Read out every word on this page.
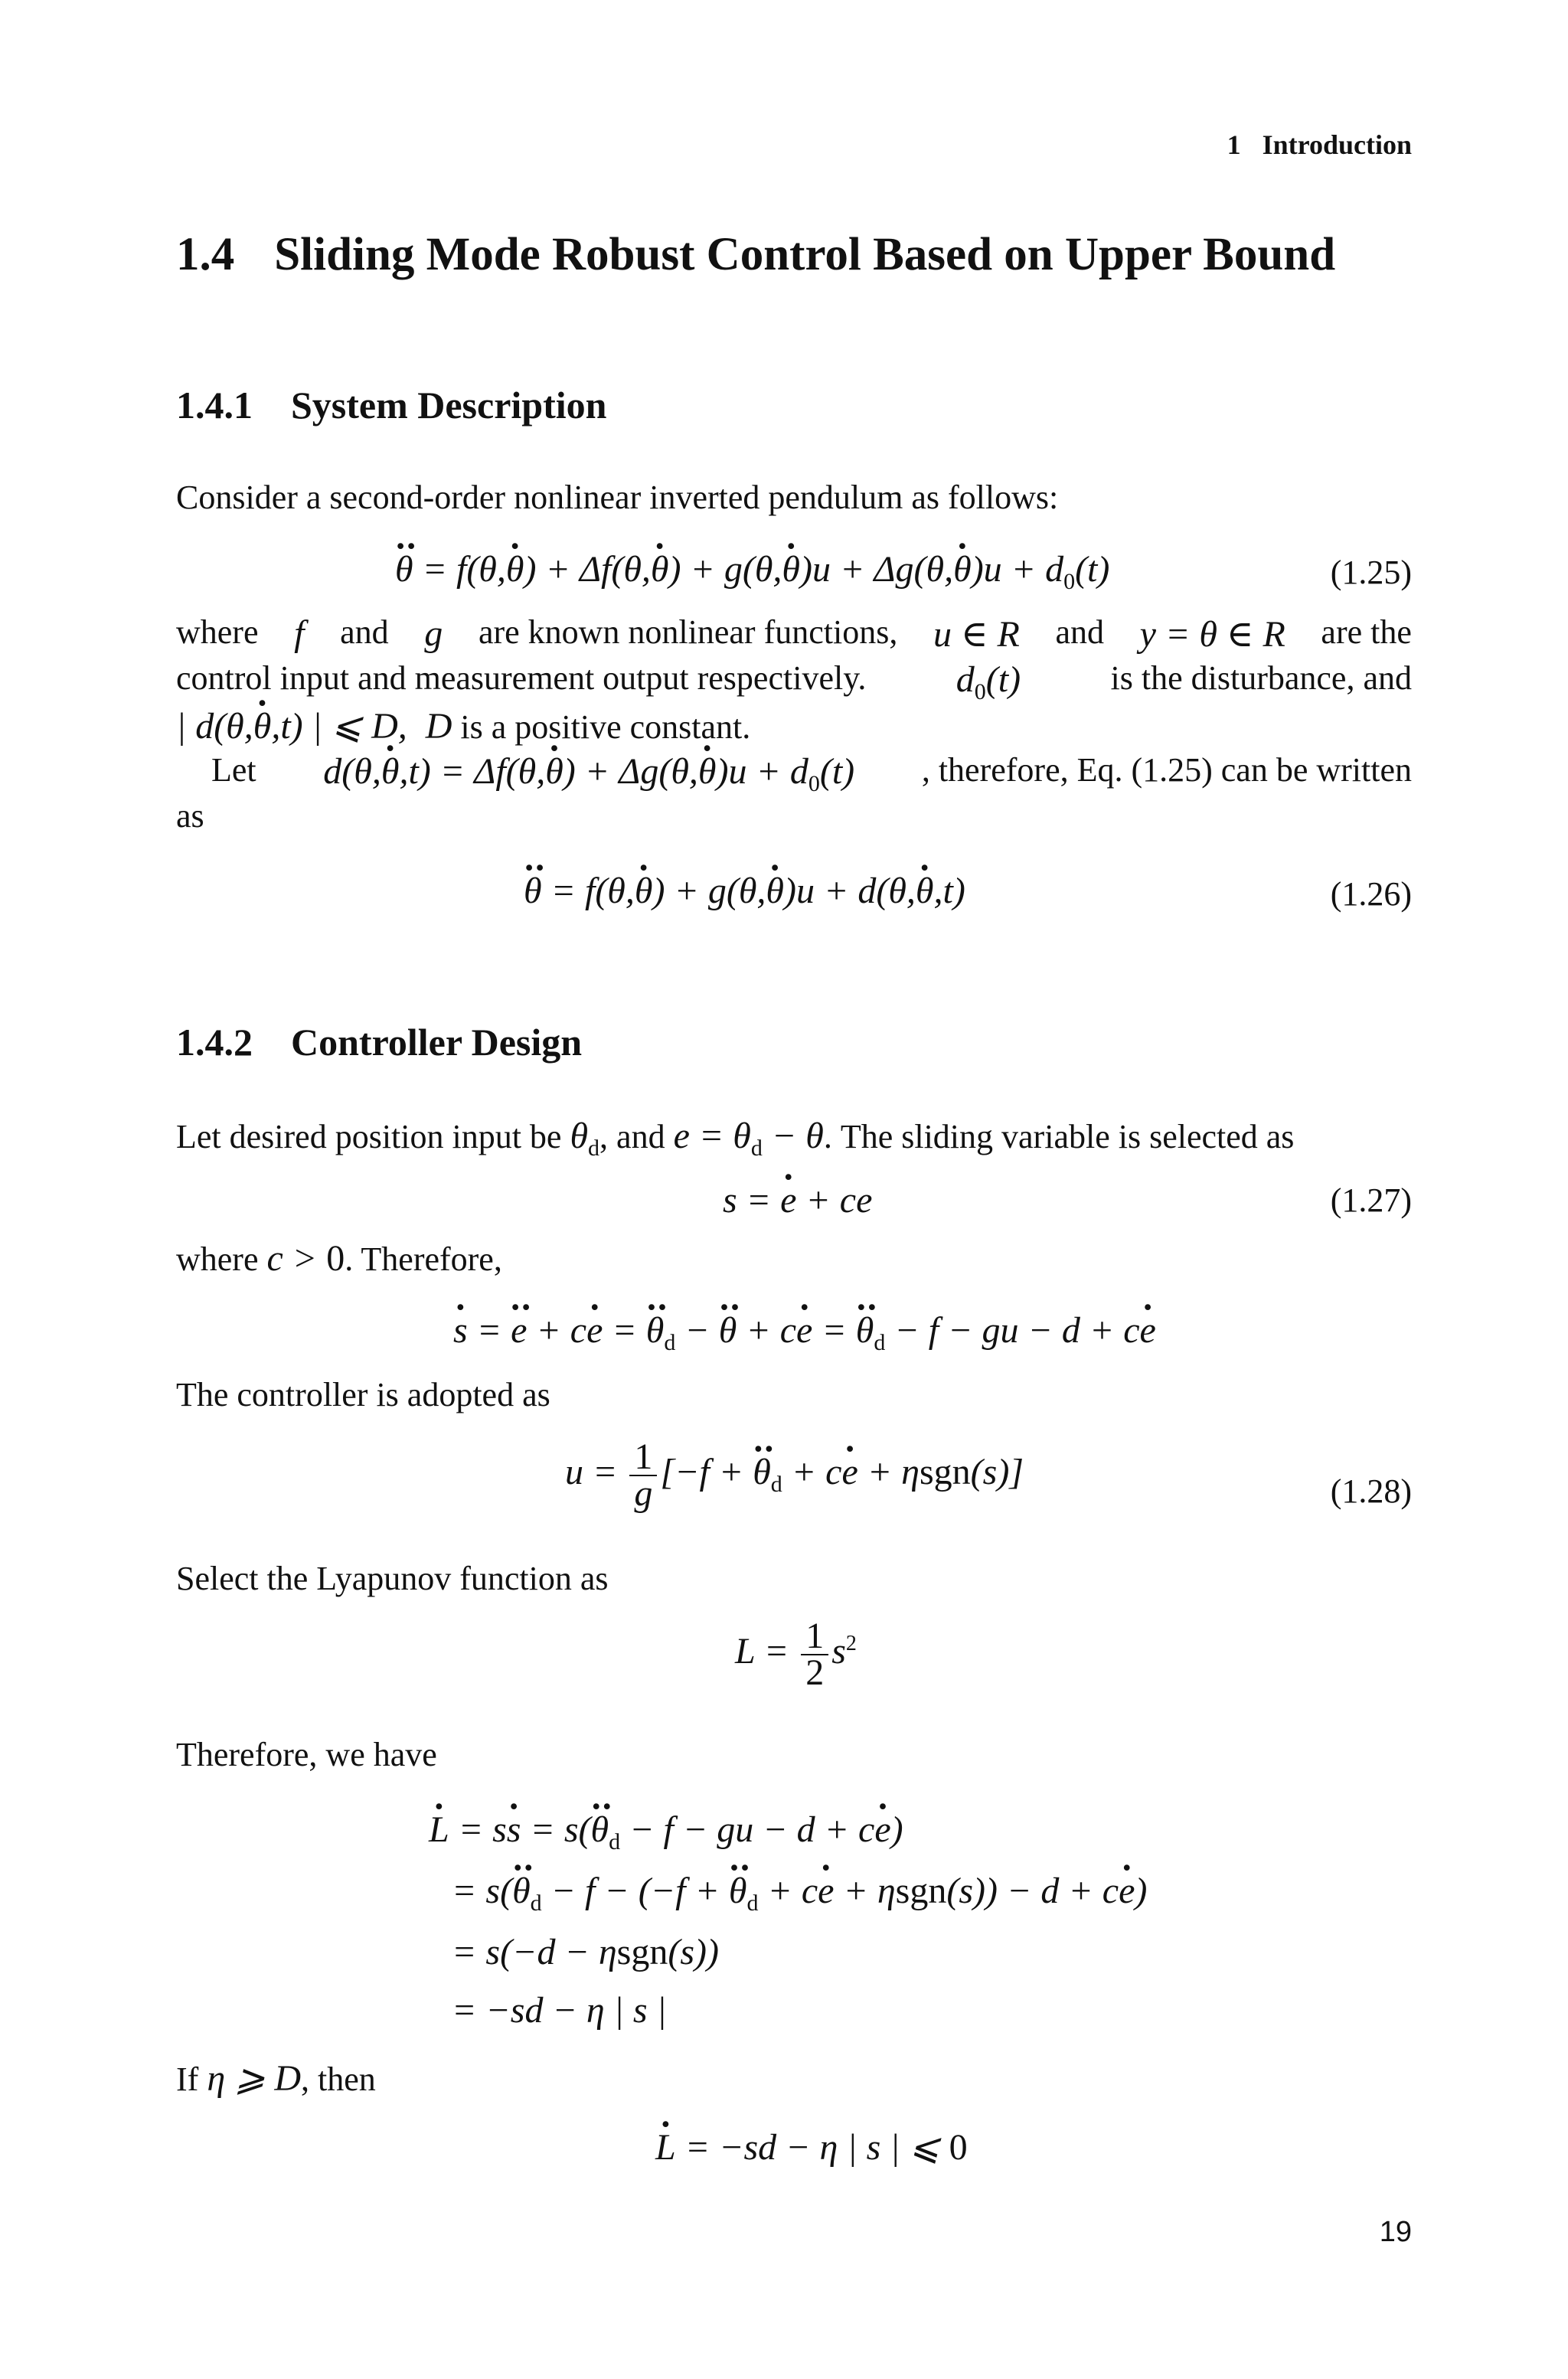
1 Introduction
1.4 Sliding Mode Robust Control Based on Upper Bound
1.4.1 System Description
Consider a second-order nonlinear inverted pendulum as follows:
θ ·· = f(θ,θ ·) + Δf(θ,θ ·) + $g(\theta,\theta \cdot)u + \Delta g(\theta,\theta \cdot)u + d_0(t)$	(1.25)
where f and g are known nonlinear functions, u ∈ R and y = θ ∈ R are the
control input and measurement output respectively. $d_0(t)$	is the disturbance, and
| d(θ,θ ·,t) | ⩽ D,  D is a positive constant.
Let d(θ,θ ·,t) = Δf(θ,θ ·) + $\Delta g(\theta,\theta \cdot)u + d_0(t)$ , therefore, Eq. (1.25) can be written
as
θ ·· = f(θ,θ ·) + g(θ,θ ·)u + d(θ,θ ·,t)	(1.26)
1.4.2 Controller Design
Let desired position input be $\theta_d$, and $e = \theta_d - \theta$. The sliding variable is selected as
s = e · + ce	(1.27)
where c > 0. Therefore,
s · = e ·· + ce · = $\theta \cdot\cdot_d - \theta$ ·· + ce · = $\theta \cdot\cdot_d - f$ − gu − d + ce ·
The controller is adopted as
$u = \frac{1}{g} [-f + \theta \cdot\cdot_d$ + ce · + ηsgn(s)]	(1.28)
Select the Lyapunov function as
$L = \frac{1}{2} s^2$
Therefore, we have
L · = ss · = $s(\theta \cdot\cdot_d - f$ − gu − d + ce ·)
= $s(\theta \cdot\cdot_d - f - (-f + \theta \cdot\cdot_d$ + ce · + ηsgn(s)) − d + ce ·)
= s(−d − ηsgn(s))
= −sd − η | s |
If η ⩾ D, then
L · = −sd − η | s | ⩽ 0
19
